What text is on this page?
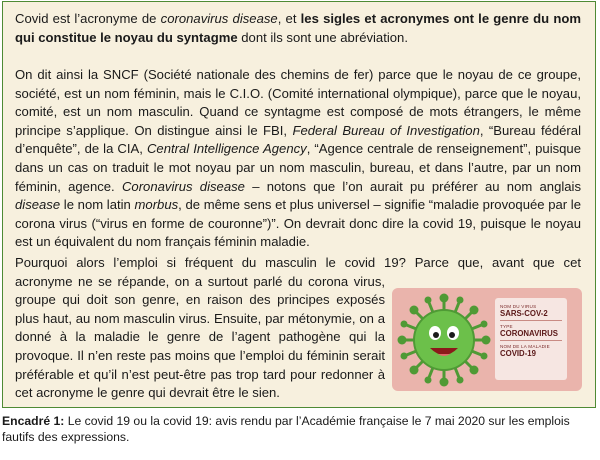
Covid est l’acronyme de coronavirus disease, et les sigles et acronymes ont le genre du nom qui constitue le noyau du syntagme dont ils sont une abréviation.

On dit ainsi la SNCF (Société nationale des chemins de fer) parce que le noyau de ce groupe, société, est un nom féminin, mais le C.I.O. (Comité international olympique), parce que le noyau, comité, est un nom masculin. Quand ce syntagme est composé de mots étrangers, le même principe s’applique. On distingue ainsi le FBI, Federal Bureau of Investigation, “Bureau fédéral d’enquête”, de la CIA, Central Intelligence Agency, “Agence centrale de renseignement”, puisque dans un cas on traduit le mot noyau par un nom masculin, bureau, et dans l’autre, par un nom féminin, agence. Coronavirus disease – notons que l’on aurait pu préférer au nom anglais disease le nom latin morbus, de même sens et plus universel – signifie “maladie provoquée par le corona virus (“virus en forme de couronne”)”. On devrait donc dire la covid 19, puisque le noyau est un équivalent du nom français féminin maladie.

Pourquoi alors l’emploi si fréquent du masculin le covid 19? Parce que, avant que cet
acronyme ne se répande, on a surtout parlé du corona virus, groupe qui doit son genre, en raison des principes exposés plus haut, au nom masculin virus. Ensuite, par métonymie, on a donné à la maladie le genre de l’agent pathogène qui la provoque. Il n’en reste pas moins que l’emploi du féminin serait préférable et qu’il n’est peut-être pas trop tard pour redonner à cet acronyme le genre qui devrait être le sien.
NOM DU VIRUS
SARS-COV-2
TYPE
CORONAVIRUS
NOM DE LA MALADIE
COVID-19

Encadré 1: Le covid 19 ou la covid 19: avis rendu par l’Académie française le 7 mai 2020 sur les emplois fautifs des expressions.
